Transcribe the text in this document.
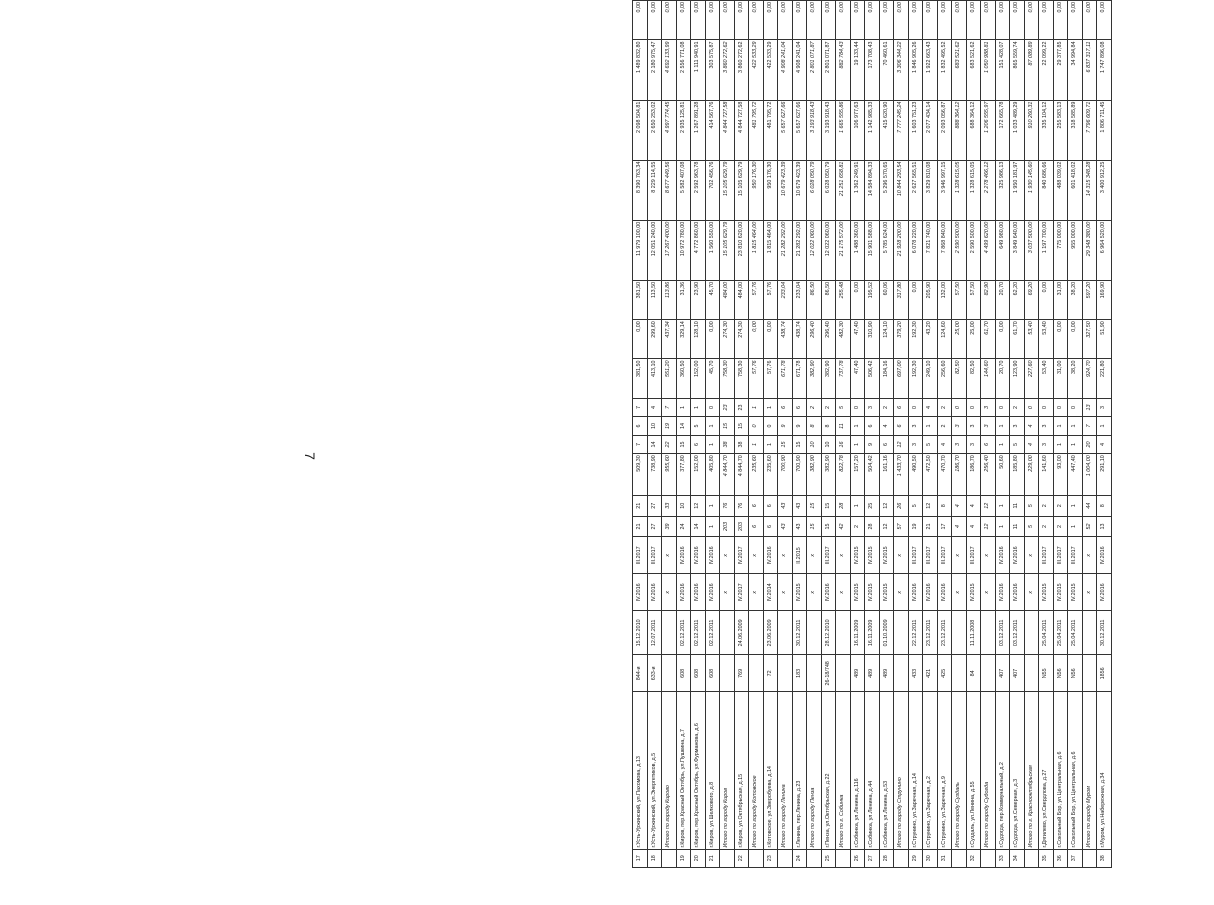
7
17	г.Усть-Уржинский, ул.Пахомова, д.13	844-и	15.12.2010	IV.2016	III.2017	21	21	509,30	7	6	7	381,50	0,00	381,50	11 979 100,00	8 390 763,34	2 098 504,81	1 489 832,80	0,00
18	г.Усть-Уржинский, ул.Энергетиков, д.5	633-и	12.07.2011	IV.2016	III.2017	27	27	738,90	14	10	4	413,10	299,60	113,50	12 051 240,00	8 229 114,55	2 650 253,02	2 180 975,47	0,00
	Итого по городу Кирово			x	x	39	33	955,60	22	19	7	551,20	437,34	113,86	17 267 400,00	8 677 449,56	4 997 774,45	4 692 133,99	0,00
19	г.Киров, пер.Красный Октябрь, ул.Пушкина, д.7	608	02.12.2011	IV.2016	IV.2016	24	10	377,80	15	14	1	360,50	329,14	31,36	10 972 780,00	5 582 407,08	2 935 125,81	2 556 771,08	0,00
20	г.Киров, пер.Красный Октябрь, ул.Фурманова, д.6	608	02.12.2011	IV.2016	IV.2016	14	12	152,00	6	5	1	152,00	128,10	23,90	4 772 860,00	2 592 963,78	1 267 891,28	1 111 940,91	0,00
21	г.Киров, ул.Шелкового, д.8	608	02.12.2011	IV.2016	IV.2016	1	1	405,80	1	1	0	45,70	0,00	45,70	1 560 550,00	702 456,76	414 567,76	303 575,87	0,00
	Итого по городу Киров			x	x	203	76	4 844,70	38	15	23	758,30	274,30	484,00	15 105 629,79	15 105 629,79	4 844 727,58	3 860 272,62	0,00
22	г.Киров, ул.Октябрьская, д.15	769	24.06.2009	IV.2017	IV.2017	203	76	4 844,70	38	15	23	758,30	274,30	484,00	23 810 620,00	15 105 629,79	4 844 727,58	3 860 272,62	0,00
	Итого по городу Котовское			x	x	6	6	235,60	1	0	1	57,76	0,00	57,76	1 815 464,00	950 176,30	481 795,72	422 533,29	0,00
23	г.Котовское, ул.Зверобуева, д.14	72	23.06.2009	IV.2014	IV.2016	6	6	235,60	1	0	1	57,76	0,00	57,76	1 815 464,00	950 176,30	481 795,72	422 533,29	0,00
	Итого по городу Ленина			x	x	43	43	700,90	15	9	6	671,78	438,74	233,04	21 282 292,00	10 679 423,39	5 657 627,66	4 908 241,04	0,00
24	г.Ленина, пер.Ленина, д.23	183	30.12.2011	IV.2015	II.2015	43	43	700,90	15	9	6	671,78	438,74	233,04	21 282 292,00	10 679 423,39	5 657 627,66	4 908 241,04	0,00
	Итого по городу Пенза			x	x	15	15	382,90	10	8	2	382,90	296,40	86,50	12 022 060,00	6 028 050,79	3 193 918,43	2 801 071,87	0,00
25	г.Пенза, ул.Октябрьская, д.22	26-18/748	28.12.2010	IV.2016	III.2017	15	15	382,90	10	8	2	382,90	296,40	86,50	12 022 060,00	6 028 050,79	3 193 918,43	2 801 071,87	0,00
	Итого по г. Собинка			x	x	42	28	822,78	16	11	5	737,78	482,30	255,48	21 175 572,00	21 251 658,81	1 665 555,86	882 784,43	0,00
26	г.Собинка, ул.Ленина, д.116	489	16.11.2009	IV.2015	IV.2015	2	1	157,20	1	1	0	47,40	47,40	0,00	1 488 360,00	1 362 249,91	106 977,63	19 133,44	0,00
27	г.Собинка, ул.Ленина, д.44	489	16.11.2009	IV.2015	IV.2015	28	25	504,42	9	6	3	506,42	310,90	195,52	15 901 588,00	14 584 894,33	1 142 985,33	173 708,43	0,00
28	г.Собинка, ул.Ленина, д.53	489	01.10.2009	IV.2015	IV.2015	12	12	161,16	6	4	2	184,16	124,10	60,06	5 785 624,00	5 296 570,65	415 620,90	70 460,61	0,00
	Итого по городу Струнино			x	x	57	26	1 433,70	12	6	6	697,00	379,20	317,80	21 928 200,00	10 844 293,54	7 777 245,24	3 306 344,22	0,00
29	г.Струнино, ул.Заречная, д.14	433	22.12.2011	IV.2016	III.2017	19	5	490,50	3	3	0	192,30	192,30	0,00	6 078 220,00	2 627 565,51	1 603 751,23	1 846 905,26	0,00
30	г.Струнино, ул.Заречная, д.2	421	23.12.2011	IV.2016	III.2017	21	12	472,50	5	1	4	249,10	43,20	205,90	7 821 740,00	3 829 810,08	2 077 434,14	1 922 663,43	0,00
31	г.Струнино, ул.Заречная, д.9	425	23.12.2011	IV.2016	III.2017	17	8	470,70	4	2	2	256,60	124,60	132,00	7 868 840,00	3 946 997,15	2 093 056,87	1 832 495,52	0,00
	Итого по городу Суздаль			x	x	4	4	186,70	3	3	0	82,50	25,00	57,50	2 590 500,00	1 328 615,05	888 364,12	683 521,62	0,00
32	г.Суздаль, ул.Ленина, д.55	84	11.11.2008	IV.2015	III.2017	4	4	186,70	3	3	0	82,50	25,00	57,50	2 590 500,00	1 328 615,05	688 364,12	683 521,62	0,00
	Итого по городу Судогда			x	x	12	12	256,40	6	3	3	144,60	61,70	82,90	4 499 620,00	2 278 466,12	1 206 555,97	1 050 988,81	0,00
33	г.Судогда, пер.Коммунальный, д.2	407	03.12.2011	IV.2016	IV.2016	1	1	50,60	1	1	0	20,70	0,00	20,70	649 980,00	325 986,13	172 665,78	151 428,07	0,00
34	г.Судогда, ул.Северная, д.3	407	03.12.2011	IV.2016	IV.2016	11	11	185,80	5	3	2	123,90	61,70	62,20	3 849 640,00	1 950 181,97	1 033 489,29	865 559,74	0,00
	Итого по г. Краснооктябрьская			x	x	5	5	229,00	4	4	0	227,60	53,40	69,20	3 037 500,00	1 930 145,60	910 260,31	87 089,89	0,00
35	г.Дягилево, ул.Свердлова, д.27	N55	25.04.2011	IV.2015	III.2017	2	2	141,60	3	3	0	53,40	53,40	0,00	1 197 700,00	840 686,66	335 104,12	22 099,22	0,00
36	г.Сокольный Бор, ул.Центральная, д.6	N56	25.04.2011	IV.2015	III.2017	2	2	93,00	1	1	0	31,00	0,00	31,00	775 000,00	488 039,02	255 583,13	29 377,85	0,00
37	г.Сокольный Бор, ул.Центральная, д.6	N56	25.04.2011	IV.2015	III.2017	1	1	447,40	1	1	0	38,20	0,00	38,20	955 000,00	601 418,02	318 585,89	34 994,84	0,00
	Итого по городу Муром			x	x	52	44	1 004,00	20	7	13	924,70	327,50	597,20	29 348 380,00	14 315 348,28	7 796 609,71	6 837 317,11	0,00
38	г.Муром, ул.Набережная, д.34	1856	30.12.2011	IV.2016	IV.2016	13	8	291,10	4	1	3	221,80	51,90	169,90	6 964 520,00	3 400 912,25	1 806 711,45	1 747 896,08	0,00
